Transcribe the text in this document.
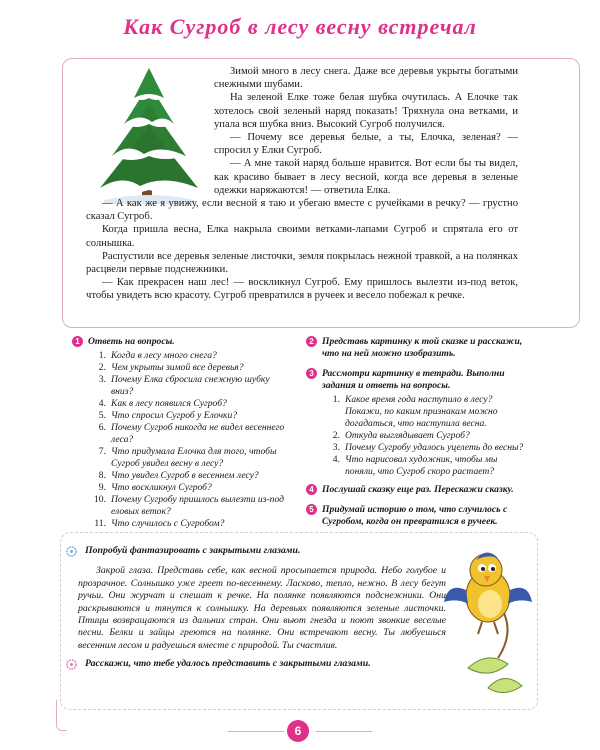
Как Сугроб в лесу весну встречал

Зимой много в лесу снега. Даже все деревья укрыты богатыми снежными шубами.

На зеленой Елке тоже белая шубка очутилась. А Елочке так хотелось свой зеленый наряд показать! Тряхнула она ветками, и упала вся шубка вниз. Высокий Сугроб получился.

— Почему все деревья белые, а ты, Елочка, зеленая? — спросил у Елки Сугроб.

— А мне такой наряд больше нравится. Вот если бы ты видел, как красиво бывает в лесу весной, когда все деревья в зеленые одежки наряжаются! — ответила Елка.

— А как же я увижу, если весной я таю и убегаю вместе с ручейками в речку? — грустно сказал Сугроб.

Когда пришла весна, Елка накрыла своими ветками-лапами Сугроб и спрятала его от солнышка.

Распустили все деревья зеленые листочки, земля покрылась нежной травкой, а на полянках расцвели первые подснежники.

— Как прекрасен наш лес! — воскликнул Сугроб. Ему пришлось вылезти из-под веток, чтобы увидеть всю красоту. Сугроб превратился в ручеек и весело побежал к речке.

1 Ответь на вопросы.
1. Когда в лесу много снега?
2. Чем укрыты зимой все деревья?
3. Почему Елка сбросила снежную шубку вниз?
4. Как в лесу появился Сугроб?
5. Что спросил Сугроб у Елочки?
6. Почему Сугроб никогда не видел весеннего леса?
7. Что придумала Елочка для того, чтобы Сугроб увидел весну в лесу?
8. Что увидел Сугроб в весеннем лесу?
9. Что воскликнул Сугроб?
10. Почему Сугробу пришлось вылезти из-под еловых веток?
11. Что случилось с Сугробом?
2 Представь картинку к той сказке и расскажи, что на ней можно изобразить.
3 Рассмотри картинку в тетради. Выполни задания и ответь на вопросы.
1. Какое время года наступило в лесу? Покажи, по каким признакам можно догадаться, что наступила весна.
2. Откуда выглядывает Сугроб?
3. Почему Сугробу удалось уцелеть до весны?
4. Что нарисовал художник, чтобы мы поняли, что Сугроб скоро растает?
4 Послушай сказку еще раз. Перескажи сказку.
5 Придумай историю о том, что случилось с Сугробом, когда он превратился в ручеек.
Попробуй фантазировать с закрытыми глазами.
Закрой глаза. Представь себе, как весной просыпается природа. Небо голубое и прозрачное. Солнышко уже греет по-весеннему. Ласково, тепло, нежно. В лесу бегут ручьи. Они журчат и спешат к речке. На полянке появляются подснежники. Они раскрываются и тянутся к солнышку. На деревьях появляются зеленые листочки. Птицы возвращаются из дальних стран. Они вьют гнезда и поют звонкие веселые песни. Белки и зайцы греются на полянке. Они встречают весну. Ты любуешься весенним лесом и радуешься вместе с природой. Ты счастлив.
Расскажи, что тебе удалось представить с закрытыми глазами.
6
